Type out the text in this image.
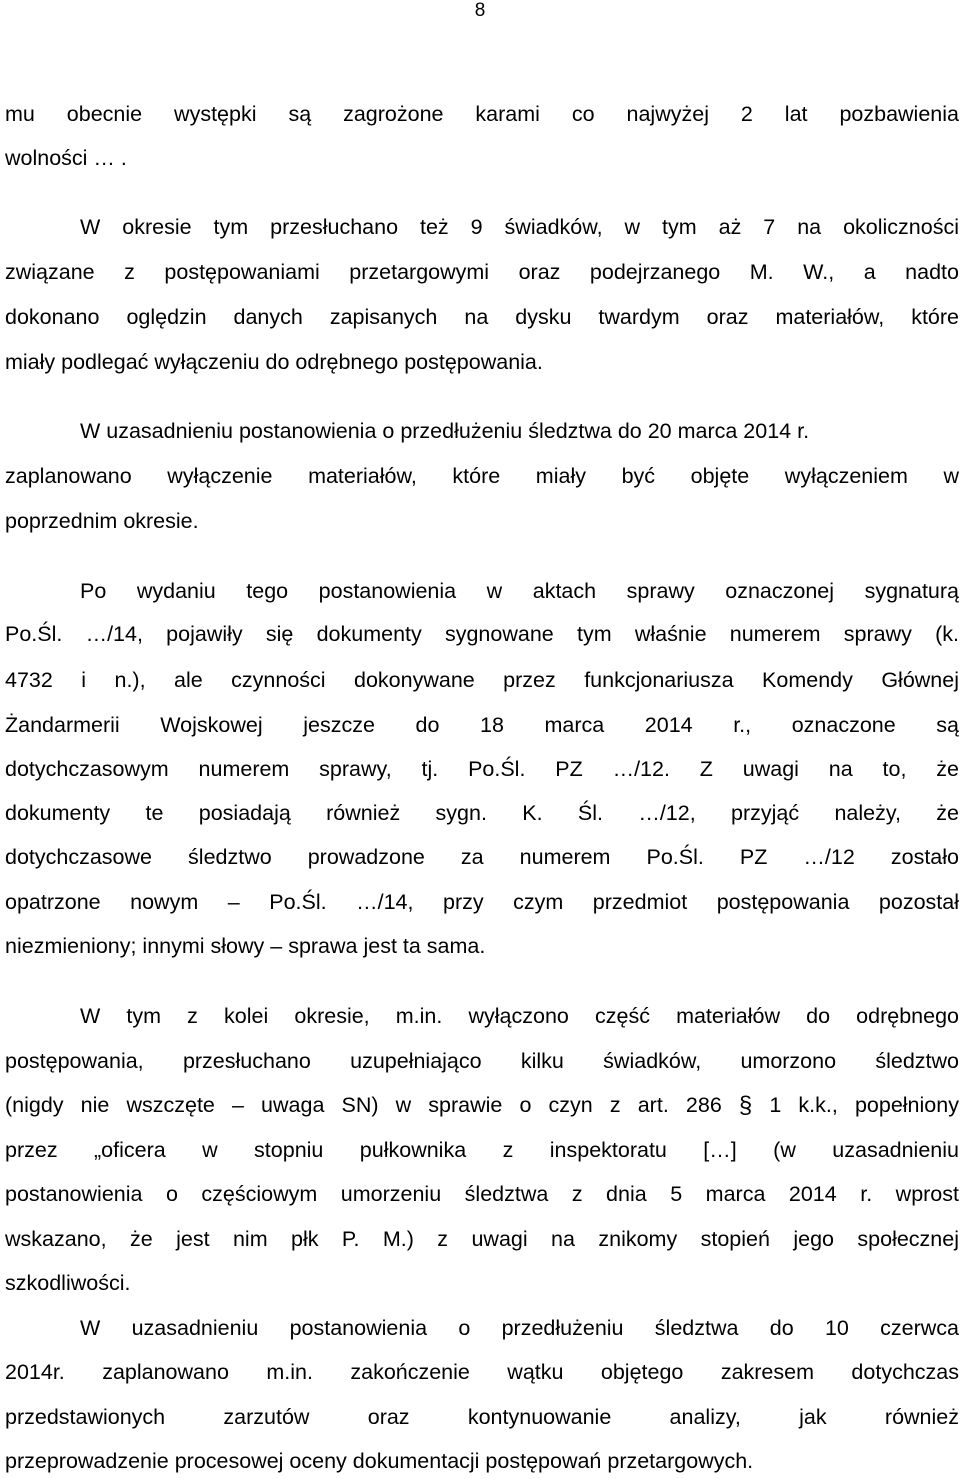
8
mu obecnie występki są zagrożone karami co najwyżej 2 lat pozbawienia
wolności … .
W okresie tym przesłuchano też 9 świadków, w tym aż 7 na okoliczności
związane z postępowaniami przetargowymi oraz podejrzanego M. W., a nadto
dokonano oględzin danych zapisanych na dysku twardym oraz materiałów, które
miały podlegać wyłączeniu do odrębnego postępowania.
W uzasadnieniu postanowienia o przedłużeniu śledztwa do 20 marca 2014 r.
zaplanowano wyłączenie materiałów, które miały być objęte wyłączeniem w
poprzednim okresie.
Po wydaniu tego postanowienia w aktach sprawy oznaczonej sygnaturą
Po.Śl. …/14, pojawiły się dokumenty sygnowane tym właśnie numerem sprawy (k.
4732 i n.), ale czynności dokonywane przez funkcjonariusza Komendy Głównej
Żandarmerii Wojskowej jeszcze do 18 marca 2014 r., oznaczone są
dotychczasowym numerem sprawy, tj. Po.Śl. PZ …/12. Z uwagi na to, że
dokumenty te posiadają również sygn. K. Śl. …/12, przyjąć należy, że
dotychczasowe śledztwo prowadzone za numerem Po.Śl. PZ …/12 zostało
opatrzone nowym – Po.Śl. …/14, przy czym przedmiot postępowania pozostał
niezmieniony; innymi słowy – sprawa jest ta sama.
W tym z kolei okresie, m.in. wyłączono część materiałów do odrębnego
postępowania, przesłuchano uzupełniająco kilku świadków, umorzono śledztwo
(nigdy nie wszczęte – uwaga SN) w sprawie o czyn z art. 286 § 1 k.k., popełniony
przez „oficera w stopniu pułkownika z inspektoratu […] (w uzasadnieniu
postanowienia o częściowym umorzeniu śledztwa z dnia 5 marca 2014 r. wprost
wskazano, że jest nim płk P. M.) z uwagi na znikomy stopień jego społecznej
szkodliwości.
W uzasadnieniu postanowienia o przedłużeniu śledztwa do 10 czerwca
2014r. zaplanowano m.in. zakończenie wątku objętego zakresem dotychczas
przedstawionych zarzutów oraz kontynuowanie analizy, jak również
przeprowadzenie procesowej oceny dokumentacji postępowań przetargowych.
